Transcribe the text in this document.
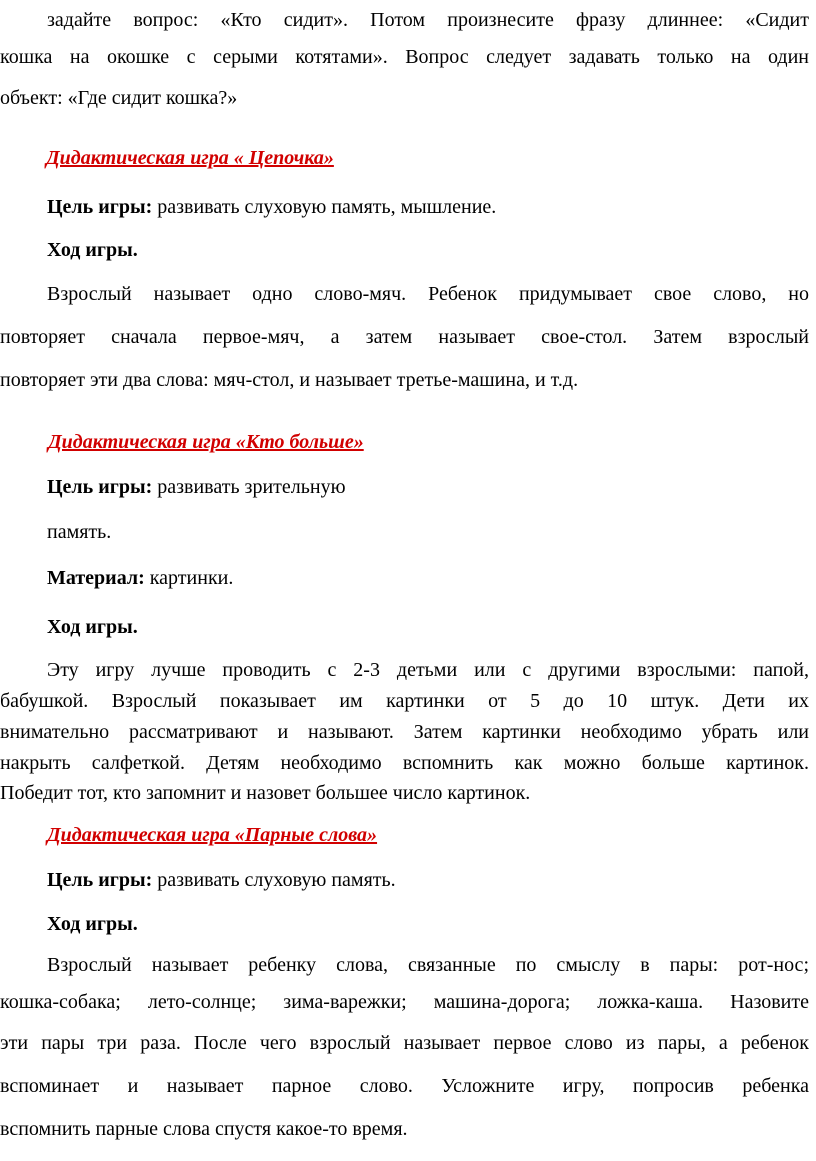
задайте вопрос: «Кто сидит». Потом произнесите фразу длиннее: «Сидит
кошка на окошке с серыми котятами». Вопрос следует задавать только на один
объект: «Где сидит кошка?»
Дидактическая игра « Цепочка»
Цель игры: развивать слуховую память, мышление.
Ход игры.
Взрослый называет одно слово-мяч. Ребенок придумывает свое слово, но
повторяет сначала первое-мяч, а затем называет свое-стол. Затем взрослый
повторяет эти два слова: мяч-стол, и называет третье-машина, и т.д.
Дидактическая игра «Кто больше»
Цель игры: развивать зрительную
память.
Материал: картинки.
Ход игры.
Эту игру лучше проводить с 2-3 детьми или с другими взрослыми: папой,
бабушкой. Взрослый показывает им картинки от 5 до 10 штук. Дети их
внимательно рассматривают и называют. Затем картинки необходимо убрать или
накрыть салфеткой. Детям необходимо вспомнить как можно больше картинок.
Победит тот, кто запомнит и назовет большее число картинок.
Дидактическая игра «Парные слова»
Цель игры: развивать слуховую память.
Ход игры.
Взрослый называет ребенку слова, связанные по смыслу в пары: рот-нос;
кошка-собака; лето-солнце; зима-варежки; машина-дорога; ложка-каша. Назовите
эти пары три раза. После чего взрослый называет первое слово из пары, а ребенок
вспоминает и называет парное слово. Усложните игру, попросив ребенка
вспомнить парные слова спустя какое-то время.
